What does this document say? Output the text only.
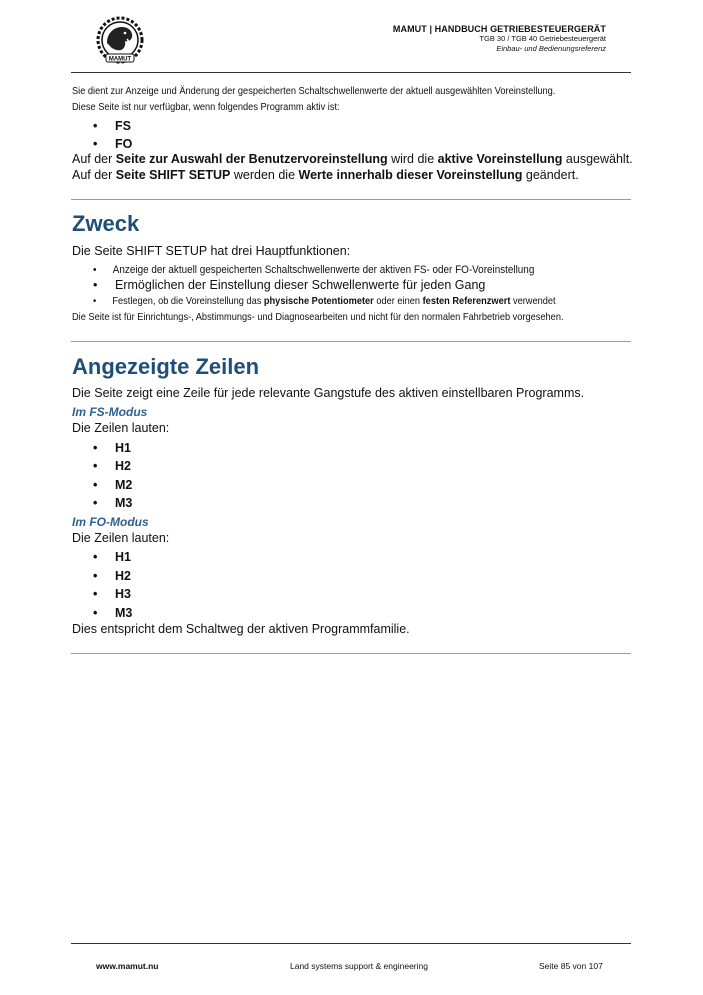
MAMUT
MAMUT | HANDBUCH GETRIEBESTEUERGERÄT
TGB 30 / TGB 40 Getriebesteuergerät
Einbau- und Bedienungsreferenz
Sie dient zur Anzeige und Änderung der gespeicherten Schaltschwellenwerte der aktuell ausgewählten Voreinstellung.
Diese Seite ist nur verfügbar, wenn folgendes Programm aktiv ist:
•	FS
•	FO
Auf der Seite zur Auswahl der Benutzervoreinstellung wird die aktive Voreinstellung ausgewählt.
Auf der Seite SHIFT SETUP werden die Werte innerhalb dieser Voreinstellung geändert.
Zweck
Die Seite SHIFT SETUP hat drei Hauptfunktionen:
•	Anzeige der aktuell gespeicherten Schaltschwellenwerte der aktiven FS- oder FO-Voreinstellung
•	Ermöglichen der Einstellung dieser Schwellenwerte für jeden Gang
•	Festlegen, ob die Voreinstellung das physische Potentiometer oder einen festen Referenzwert verwendet
Die Seite ist für Einrichtungs-, Abstimmungs- und Diagnosearbeiten und nicht für den normalen Fahrbetrieb vorgesehen.
Angezeigte Zeilen
Die Seite zeigt eine Zeile für jede relevante Gangstufe des aktiven einstellbaren Programms.
Im FS-Modus
Die Zeilen lauten:
•	H1
•	H2
•	M2
•	M3
Im FO-Modus
Die Zeilen lauten:
•	H1
•	H2
•	H3
•	M3
Dies entspricht dem Schaltweg der aktiven Programmfamilie.
www.mamut.nu	Land systems support & engineering	Seite 85 von 107
